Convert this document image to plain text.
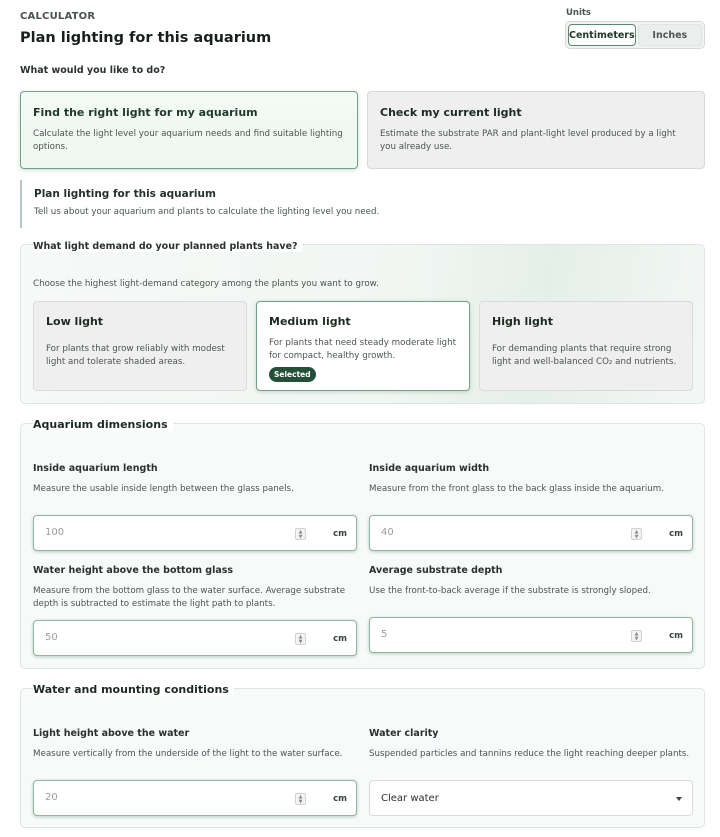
CALCULATOR
Plan lighting for this aquarium
Units
Centimeters	Inches
What would you like to do?
Find the right light for my aquarium
Calculate the light level your aquarium needs and find suitable lighting options.
Check my current light
Estimate the substrate PAR and plant-light level produced by a light you already use.
Plan lighting for this aquarium
Tell us about your aquarium and plants to calculate the lighting level you need.
What light demand do your planned plants have?
Choose the highest light-demand category among the plants you want to grow.
Low light
For plants that grow reliably with modest light and tolerate shaded areas.
Medium light
For plants that need steady moderate light for compact, healthy growth.
Selected
High light
For demanding plants that require strong light and well-balanced CO₂ and nutrients.
Aquarium dimensions
Inside aquarium length
Measure the usable inside length between the glass panels.
100	▲
▼	cm
Inside aquarium width
Measure from the front glass to the back glass inside the aquarium.
40	▲
▼	cm
Water height above the bottom glass
Measure from the bottom glass to the water surface. Average substrate depth is subtracted to estimate the light path to plants.
50	▲
▼	cm
Average substrate depth
Use the front-to-back average if the substrate is strongly sloped.
5	▲
▼	cm
Water and mounting conditions
Light height above the water
Measure vertically from the underside of the light to the water surface.
20	▲
▼	cm
Water clarity
Suspended particles and tannins reduce the light reaching deeper plants.
Clear water
